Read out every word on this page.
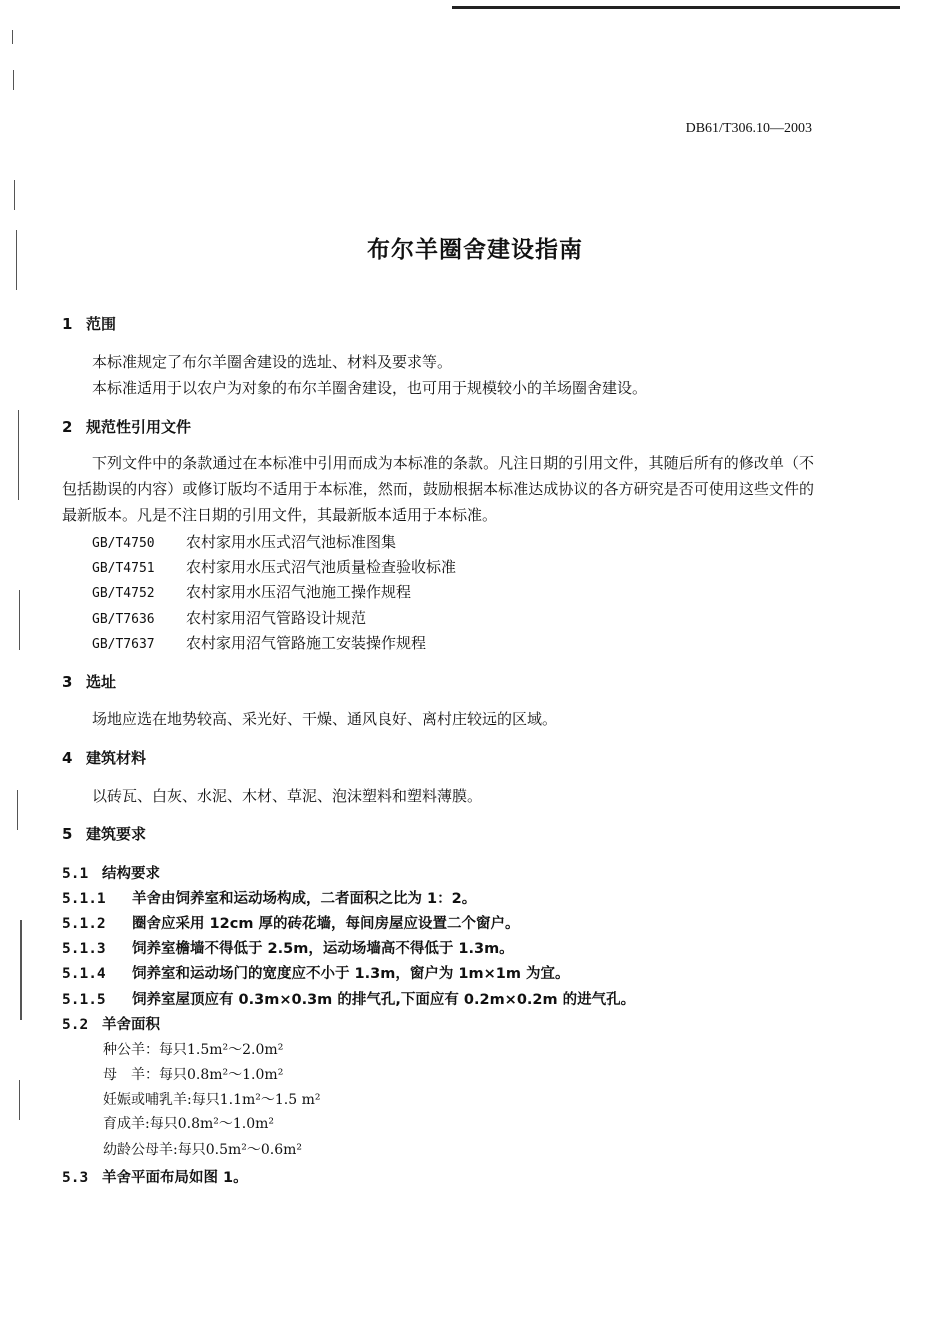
DB61/T306.10—2003
布尔羊圈舍建设指南
1 范围
本标准规定了布尔羊圈舍建设的选址、材料及要求等。
本标准适用于以农户为对象的布尔羊圈舍建设，也可用于规模较小的羊场圈舍建设。
2 规范性引用文件
下列文件中的条款通过在本标准中引用而成为本标准的条款。凡注日期的引用文件，其随后所有的修改单（不包括勘误的内容）或修订版均不适用于本标准，然而，鼓励根据本标准达成协议的各方研究是否可使用这些文件的最新版本。凡是不注日期的引用文件，其最新版本适用于本标准。
GB/T4750 农村家用水压式沼气池标准图集
GB/T4751 农村家用水压式沼气池质量检查验收标准
GB/T4752 农村家用水压沼气池施工操作规程
GB/T7636 农村家用沼气管路设计规范
GB/T7637 农村家用沼气管路施工安装操作规程
3 选址
场地应选在地势较高、采光好、干燥、通风良好、离村庄较远的区域。
4 建筑材料
以砖瓦、白灰、水泥、木材、草泥、泡沫塑料和塑料薄膜。
5 建筑要求
5.1 结构要求
5.1.1 羊舍由饲养室和运动场构成，二者面积之比为 1：2。
5.1.2 圈舍应采用 12cm 厚的砖花墙，每间房屋应设置二个窗户。
5.1.3 饲养室檐墙不得低于 2.5m，运动场墙高不得低于 1.3m。
5.1.4 饲养室和运动场门的宽度应不小于 1.3m，窗户为 1m×1m 为宜。
5.1.5 饲养室屋顶应有 0.3m×0.3m 的排气孔,下面应有 0.2m×0.2m 的进气孔。
5.2 羊舍面积
种公羊：每只1.5m²～2.0m²
母　羊：每只0.8m²～1.0m²
妊娠或哺乳羊:每只1.1m²～1.5 m²
育成羊:每只0.8m²～1.0m²
幼龄公母羊:每只0.5m²～0.6m²
5.3 羊舍平面布局如图 1。
